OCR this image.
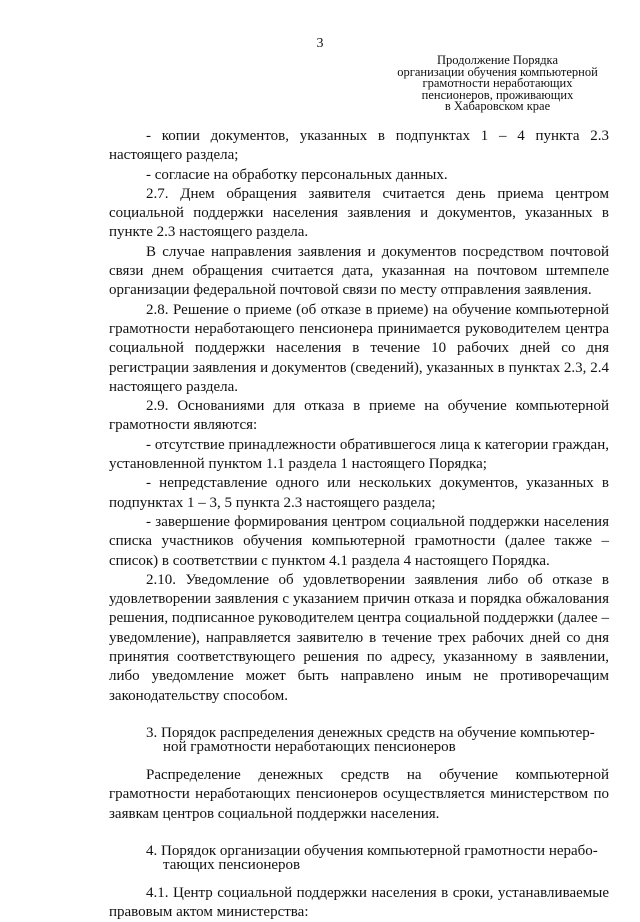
3
Продолжение Порядка
организации обучения компьютерной
грамотности неработающих
пенсионеров, проживающих
в Хабаровском крае

- копии документов, указанных в подпунктах 1 – 4 пункта 2.3 настоящего раздела;

- согласие на обработку персональных данных.

2.7. Днем обращения заявителя считается день приема центром социальной поддержки населения заявления и документов, указанных в пункте 2.3 настоящего раздела.

В случае направления заявления и документов посредством почтовой связи днем обращения считается дата, указанная на почтовом штемпеле организации федеральной почтовой связи по месту отправления заявления.

2.8. Решение о приеме (об отказе в приеме) на обучение компьютерной грамотности неработающего пенсионера принимается руководителем центра социальной поддержки населения в течение 10 рабочих дней со дня регистрации заявления и документов (сведений), указанных в пунктах 2.3, 2.4 настоящего раздела.

2.9. Основаниями для отказа в приеме на обучение компьютерной грамотности являются:

- отсутствие принадлежности обратившегося лица к категории граждан, установленной пунктом 1.1 раздела 1 настоящего Порядка;

- непредставление одного или нескольких документов, указанных в подпунктах 1 – 3, 5 пункта 2.3 настоящего раздела;

- завершение формирования центром социальной поддержки населения списка участников обучения компьютерной грамотности (далее также – список) в соответствии с пунктом 4.1 раздела 4 настоящего Порядка.

2.10. Уведомление об удовлетворении заявления либо об отказе в удовлетворении заявления с указанием причин отказа и порядка обжалования решения, подписанное руководителем центра социальной поддержки (далее – уведомление), направляется заявителю в течение трех рабочих дней со дня принятия соответствующего решения по адресу, указанному в заявлении, либо уведомление может быть направлено иным не противоречащим законодательству способом.

3. Порядок распределения денежных средств на обучение компьютер-
ной грамотности неработающих пенсионеров

Распределение денежных средств на обучение компьютерной грамотности неработающих пенсионеров осуществляется министерством по заявкам центров социальной поддержки населения.

4. Порядок организации обучения компьютерной грамотности нерабо-
тающих пенсионеров

4.1. Центр социальной поддержки населения в сроки, устанавливаемые правовым актом министерства:
